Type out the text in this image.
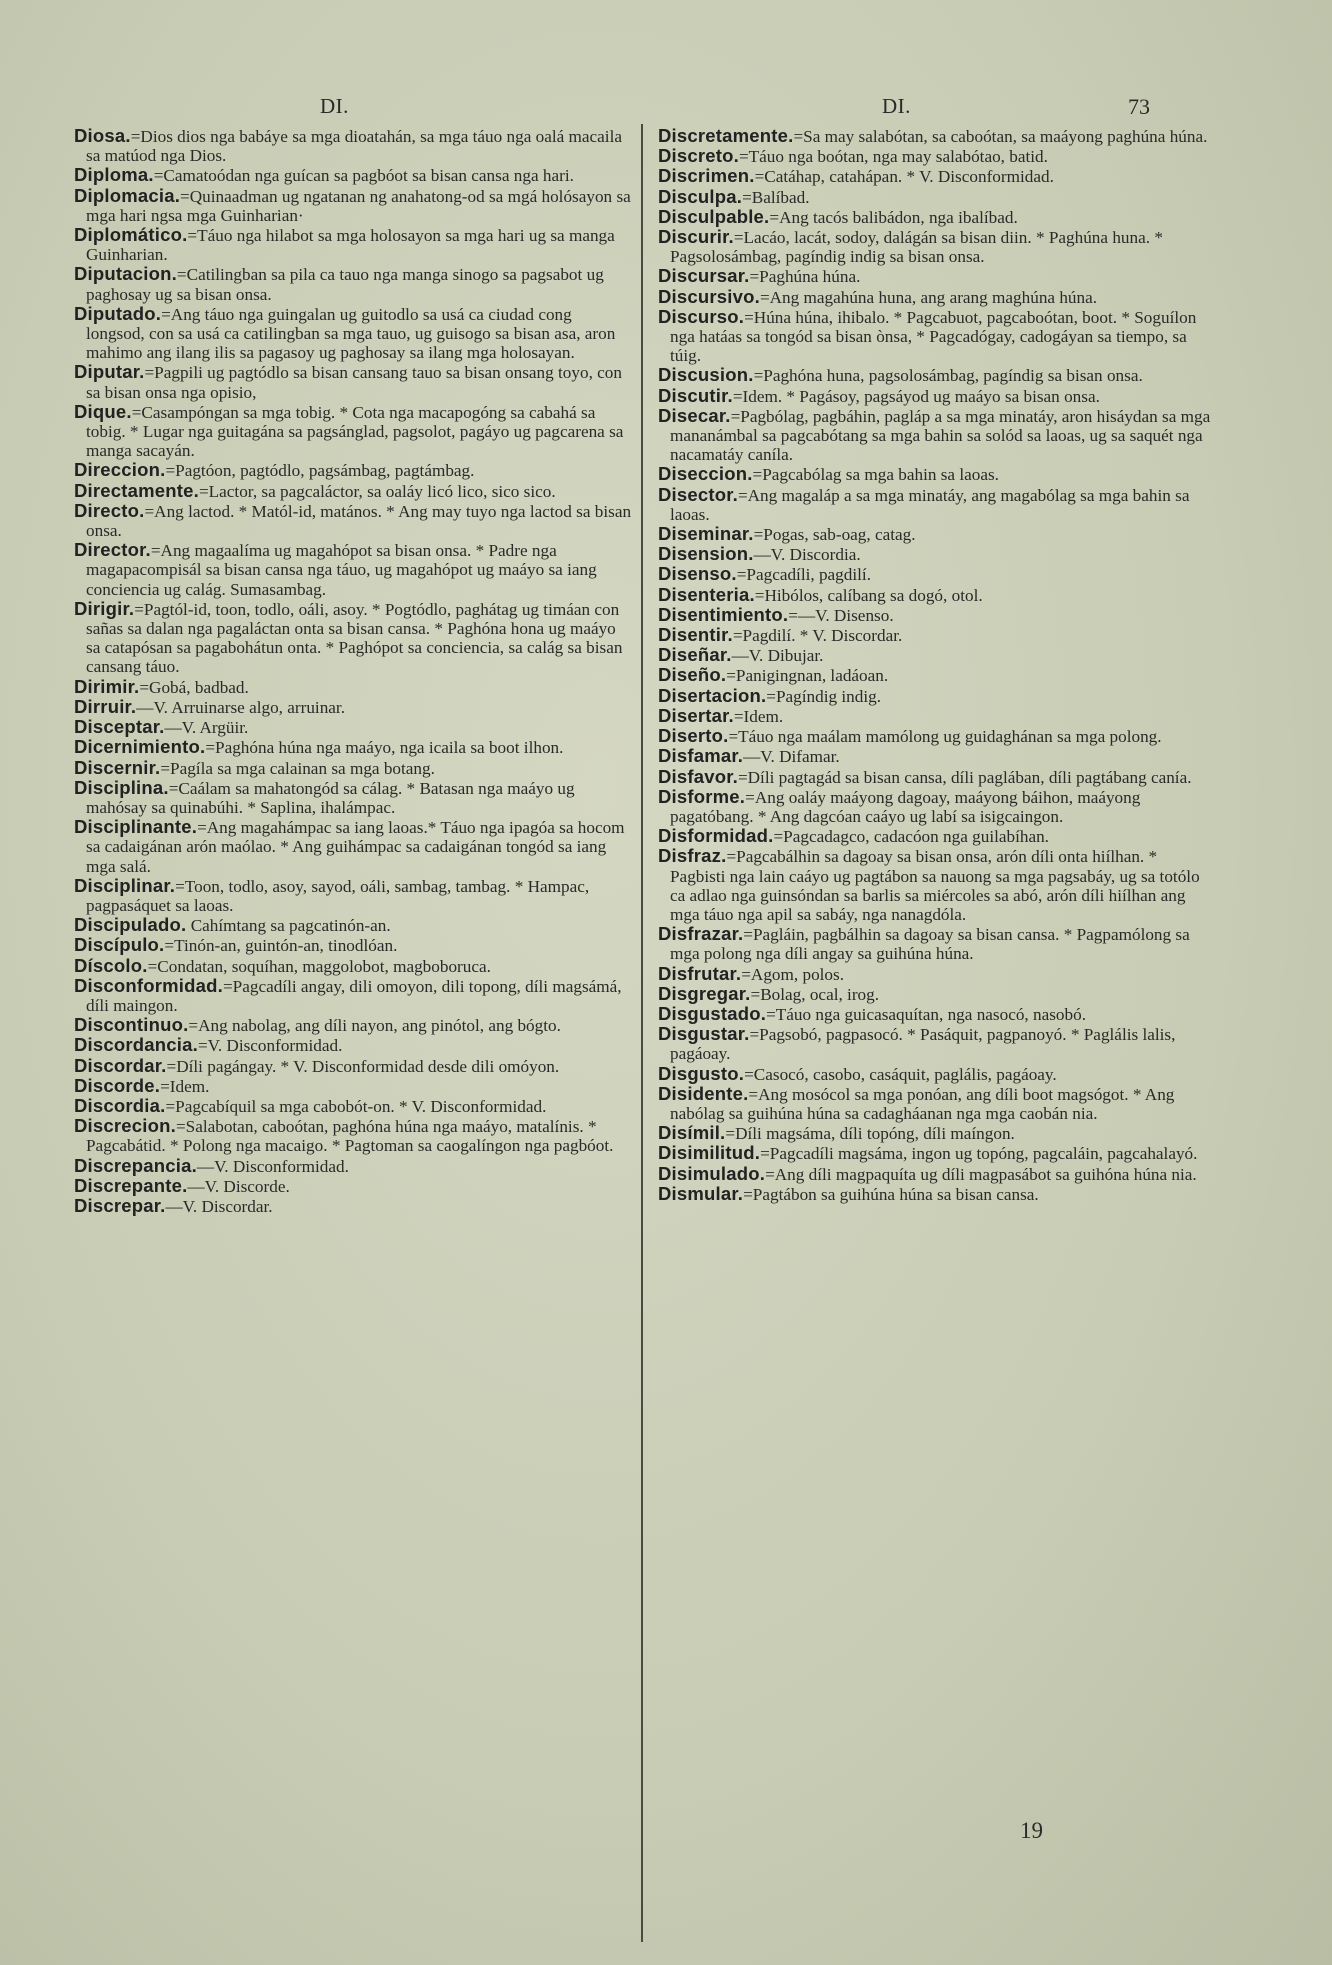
DI.	DI.	73

Diosa.=Dios dios nga babáye sa mga dioatahán, sa mga táuo nga oalá macaila sa matúod nga Dios.

Diploma.=Camatoódan nga guícan sa pagbóot sa bisan cansa nga hari.

Diplomacia.=Quinaadman ug ngatanan ng anahatong-od sa mgá holósayon sa mga hari ngsa mga Guinharian·

Diplomático.=Táuo nga hilabot sa mga holosayon sa mga hari ug sa manga Guinharian.

Diputacion.=Catilingban sa pila ca tauo nga manga sinogo sa pagsabot ug paghosay ug sa bisan onsa.

Diputado.=Ang táuo nga guingalan ug guitodlo sa usá ca ciudad cong longsod, con sa usá ca catilingban sa mga tauo, ug guisogo sa bisan asa, aron mahimo ang ilang ilis sa pagasoy ug paghosay sa ilang mga holosayan.

Diputar.=Pagpili ug pagtódlo sa bisan cansang tauo sa bisan onsang toyo, con sa bisan onsa nga opisio,

Dique.=Casampóngan sa mga tobig. * Cota nga macapogóng sa cabahá sa tobig. * Lugar nga guitagána sa pagsánglad, pagsolot, pagáyo ug pagcarena sa manga sacayán.

Direccion.=Pagtóon, pagtódlo, pagsámbag, pagtámbag.

Directamente.=Lactor, sa pagcaláctor, sa oaláy licó lico, sico sico.

Directo.=Ang lactod. * Matól-id, matános. * Ang may tuyo nga lactod sa bisan onsa.

Director.=Ang magaalíma ug magahópot sa bisan onsa. * Padre nga magapacompisál sa bisan cansa nga táuo, ug magahópot ug maáyo sa iang conciencia ug calág. Sumasambag.

Dirigir.=Pagtól-id, toon, todlo, oáli, asoy. * Pogtódlo, paghátag ug timáan con sañas sa dalan nga pagaláctan onta sa bisan cansa. * Paghóna hona ug maáyo sa catapósan sa pagabohátun onta. * Paghópot sa conciencia, sa calág sa bisan cansang táuo.

Dirimir.=Gobá, badbad.

Dirruir.—V. Arruinarse algo, arruinar.

Disceptar.—V. Argüir.

Dicernimiento.=Paghóna húna nga maáyo, nga icaila sa boot ilhon.

Discernir.=Pagíla sa mga calainan sa mga botang.

Disciplina.=Caálam sa mahatongód sa cálag. * Batasan nga maáyo ug mahósay sa quinabúhi. * Saplina, ihalámpac.

Disciplinante.=Ang magahámpac sa iang laoas.* Táuo nga ipagóa sa hocom sa cadaigánan arón maólao. * Ang guihámpac sa cadaigánan tongód sa iang mga salá.

Disciplinar.=Toon, todlo, asoy, sayod, oáli, sambag, tambag. * Hampac, pagpasáquet sa laoas.

Discipulado. Cahímtang sa pagcatinón-an.

Discípulo.=Tinón-an, guintón-an, tinodlóan.

Díscolo.=Condatan, soquíhan, maggolobot, magboboruca.

Disconformidad.=Pagcadíli angay, dili omoyon, dili topong, díli magsámá, díli maingon.

Discontinuo.=Ang nabolag, ang díli nayon, ang pinótol, ang bógto.

Discordancia.=V. Disconformidad.

Discordar.=Díli pagángay. * V. Disconformidad desde dili omóyon.

Discorde.=Idem.

Discordia.=Pagcabíquil sa mga cabobót-on. * V. Disconformidad.

Discrecion.=Salabotan, caboótan, paghóna húna nga maáyo, matalínis. * Pagcabátid. * Polong nga macaigo. * Pagtoman sa caogalíngon nga pagbóot.

Discrepancia.—V. Disconformidad.

Discrepante.—V. Discorde.

Discrepar.—V. Discordar.

Discretamente.=Sa may salabótan, sa caboótan, sa maáyong paghúna húna.

Discreto.=Táuo nga boótan, nga may salabótao, batid.

Discrimen.=Catáhap, catahápan. * V. Disconformidad.

Disculpa.=Balíbad.

Disculpable.=Ang tacós balibádon, nga ibalíbad.

Discurir.=Lacáo, lacát, sodoy, dalágán sa bisan diin. * Paghúna huna. * Pagsolosámbag, pagíndig indig sa bisan onsa.

Discursar.=Paghúna húna.

Discursivo.=Ang magahúna huna, ang arang maghúna húna.

Discurso.=Húna húna, ihibalo. * Pagcabuot, pagcaboótan, boot. * Soguílon nga hatáas sa tongód sa bisan ònsa, * Pagcadógay, cadogáyan sa tiempo, sa túig.

Discusion.=Paghóna huna, pagsolosámbag, pagíndig sa bisan onsa.

Discutir.=Idem. * Pagásoy, pagsáyod ug maáyo sa bisan onsa.

Disecar.=Pagbólag, pagbáhin, pagláp a sa mga minatáy, aron hisáydan sa mga mananámbal sa pagcabótang sa mga bahin sa solód sa laoas, ug sa saquét nga nacamatáy caníla.

Diseccion.=Pagcabólag sa mga bahin sa laoas.

Disector.=Ang magaláp a sa mga minatáy, ang magabólag sa mga bahin sa laoas.

Diseminar.=Pogas, sab-oag, catag.

Disension.—V. Discordia.

Disenso.=Pagcadíli, pagdilí.

Disenteria.=Hibólos, calíbang sa dogó, otol.

Disentimiento.=—V. Disenso.

Disentir.=Pagdilí. * V. Discordar.

Diseñar.—V. Dibujar.

Diseño.=Panigingnan, ladáoan.

Disertacion.=Pagíndig indig.

Disertar.=Idem.

Diserto.=Táuo nga maálam mamólong ug guidaghánan sa mga polong.

Disfamar.—V. Difamar.

Disfavor.=Díli pagtagád sa bisan cansa, díli paglában, díli pagtábang canía.

Disforme.=Ang oaláy maáyong dagoay, maáyong báihon, maáyong pagatóbang. * Ang dagcóan caáyo ug labí sa isigcaingon.

Disformidad.=Pagcadagco, cadacóon nga guilabíhan.

Disfraz.=Pagcabálhin sa dagoay sa bisan onsa, arón díli onta hiílhan. * Pagbisti nga lain caáyo ug pagtábon sa nauong sa mga pagsabáy, ug sa totólo ca adlao nga guinsóndan sa barlis sa miércoles sa abó, arón díli hiílhan ang mga táuo nga apil sa sabáy, nga nanagdóla.

Disfrazar.=Pagláin, pagbálhin sa dagoay sa bisan cansa. * Pagpamólong sa mga polong nga díli angay sa guihúna húna.

Disfrutar.=Agom, polos.

Disgregar.=Bolag, ocal, irog.

Disgustado.=Táuo nga guicasaquítan, nga nasocó, nasobó.

Disgustar.=Pagsobó, pagpasocó. * Pasáquit, pagpanoyó. * Paglális lalis, pagáoay.

Disgusto.=Casocó, casobo, casáquit, paglális, pagáoay.

Disidente.=Ang mosócol sa mga ponóan, ang díli boot magsógot. * Ang nabólag sa guihúna húna sa cadagháanan nga mga caobán nia.

Disímil.=Díli magsáma, díli topóng, díli maíngon.

Disimilitud.=Pagcadíli magsáma, ingon ug topóng, pagcaláin, pagcahalayó.

Disimulado.=Ang díli magpaquíta ug díli magpasábot sa guihóna húna nia.

Dismular.=Pagtábon sa guihúna húna sa bisan cansa.

19
